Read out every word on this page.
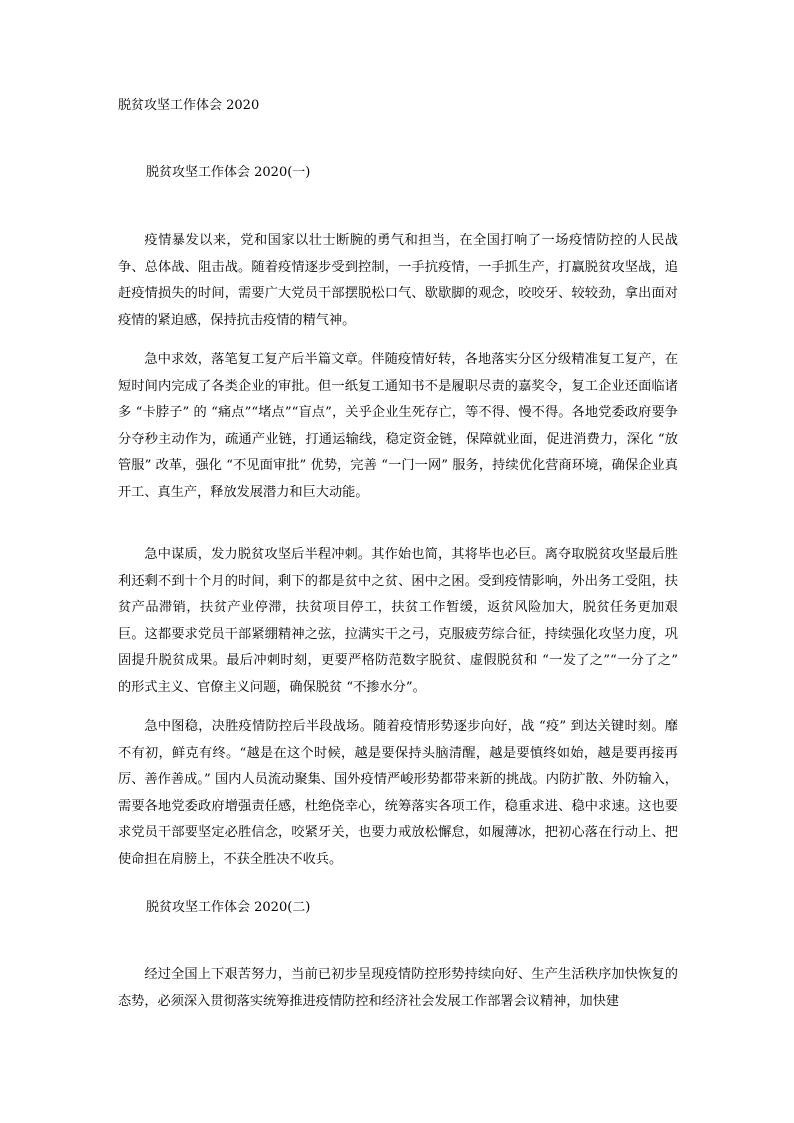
脱贫攻坚工作体会 2020
脱贫攻坚工作体会 2020(一)

疫情暴发以来，党和国家以壮士断腕的勇气和担当，在全国打响了一场疫情防控的人民战争、总体战、阻击战。随着疫情逐步受到控制，一手抗疫情，一手抓生产，打赢脱贫攻坚战，追赶疫情损失的时间，需要广大党员干部摆脱松口气、歇歇脚的观念，咬咬牙、较较劲，拿出面对疫情的紧迫感，保持抗击疫情的精气神。

急中求效，落笔复工复产后半篇文章。伴随疫情好转，各地落实分区分级精准复工复产，在短时间内完成了各类企业的审批。但一纸复工通知书不是履职尽责的嘉奖令，复工企业还面临诸多 “卡脖子” 的 “痛点”“堵点”“盲点”，关乎企业生死存亡，等不得、慢不得。各地党委政府要争分夺秒主动作为，疏通产业链，打通运输线，稳定资金链，保障就业面，促进消费力，深化 “放管服” 改革，强化 “不见面审批” 优势，完善 “一门一网” 服务，持续优化营商环境，确保企业真开工、真生产，释放发展潜力和巨大动能。

急中谋质，发力脱贫攻坚后半程冲刺。其作始也简，其将毕也必巨。离夺取脱贫攻坚最后胜利还剩不到十个月的时间，剩下的都是贫中之贫、困中之困。受到疫情影响，外出务工受阻，扶贫产品滞销，扶贫产业停滞，扶贫项目停工，扶贫工作暂缓，返贫风险加大，脱贫任务更加艰巨。这都要求党员干部紧绷精神之弦，拉满实干之弓，克服疲劳综合征，持续强化攻坚力度，巩固提升脱贫成果。最后冲刺时刻，更要严格防范数字脱贫、虚假脱贫和 “一发了之”“一分了之” 的形式主义、官僚主义问题，确保脱贫 “不掺水分”。

急中图稳，决胜疫情防控后半段战场。随着疫情形势逐步向好，战 “疫” 到达关键时刻。靡不有初，鲜克有终。“越是在这个时候，越是要保持头脑清醒，越是要慎终如始，越是要再接再厉、善作善成。” 国内人员流动聚集、国外疫情严峻形势都带来新的挑战。内防扩散、外防输入，需要各地党委政府增强责任感，杜绝侥幸心，统筹落实各项工作，稳重求进、稳中求速。这也要求党员干部要坚定必胜信念，咬紧牙关，也要力戒放松懈怠，如履薄冰，把初心落在行动上、把使命担在肩膀上，不获全胜决不收兵。

脱贫攻坚工作体会 2020(二)

经过全国上下艰苦努力，当前已初步呈现疫情防控形势持续向好、生产生活秩序加快恢复的态势，必须深入贯彻落实统筹推进疫情防控和经济社会发展工作部署会议精神，加快建
